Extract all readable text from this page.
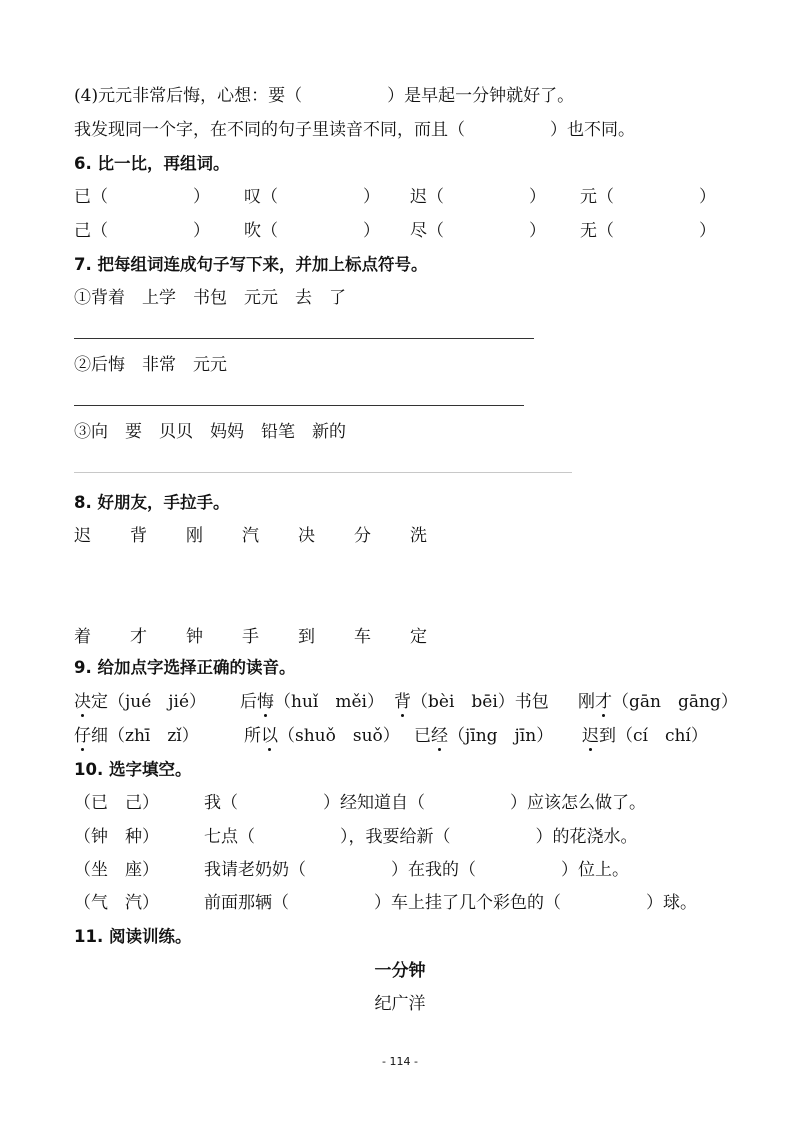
(4)元元非常后悔，心想：要（　　　　　）是早起一分钟就好了。
我发现同一个字，在不同的句子里读音不同，而且（　　　　　）也不同。
6. 比一比，再组词。
已（　　　　　） 叹（　　　　　） 迟（　　　　　） 元（　　　　　）
己（　　　　　） 吹（　　　　　） 尽（　　　　　） 无（　　　　　）
7. 把每组词连成句子写下来，并加上标点符号。
①背着　上学　书包　元元　去　了
②后悔　非常　元元
③向　要　贝贝　妈妈　铅笔　新的
8. 好朋友，手拉手。
迟 背 刚 汽 决 分 洗
着 才 钟 手 到 车 定
9. 给加点字选择正确的读音。
决定（jué　jié） 后悔（huǐ　měi） 背（bèi　bēi）书包 刚才（gān　gāng）
仔细（zhī　zǐ）	所以（shuǒ　suǒ） 已经（jīng　jīn） 迟到（cí　chí）
10. 选字填空。
（已　己）	我（　　　　　）经知道自（　　　　　）应该怎么做了。
（钟　种）	七点（　　　　　），我要给新（　　　　　）的花浇水。
（坐　座）	我请老奶奶（　　　　　）在我的（　　　　　）位上。
（气　汽）	前面那辆（　　　　　）车上挂了几个彩色的（　　　　　）球。
11. 阅读训练。
一分钟
纪广洋
- 114 -
